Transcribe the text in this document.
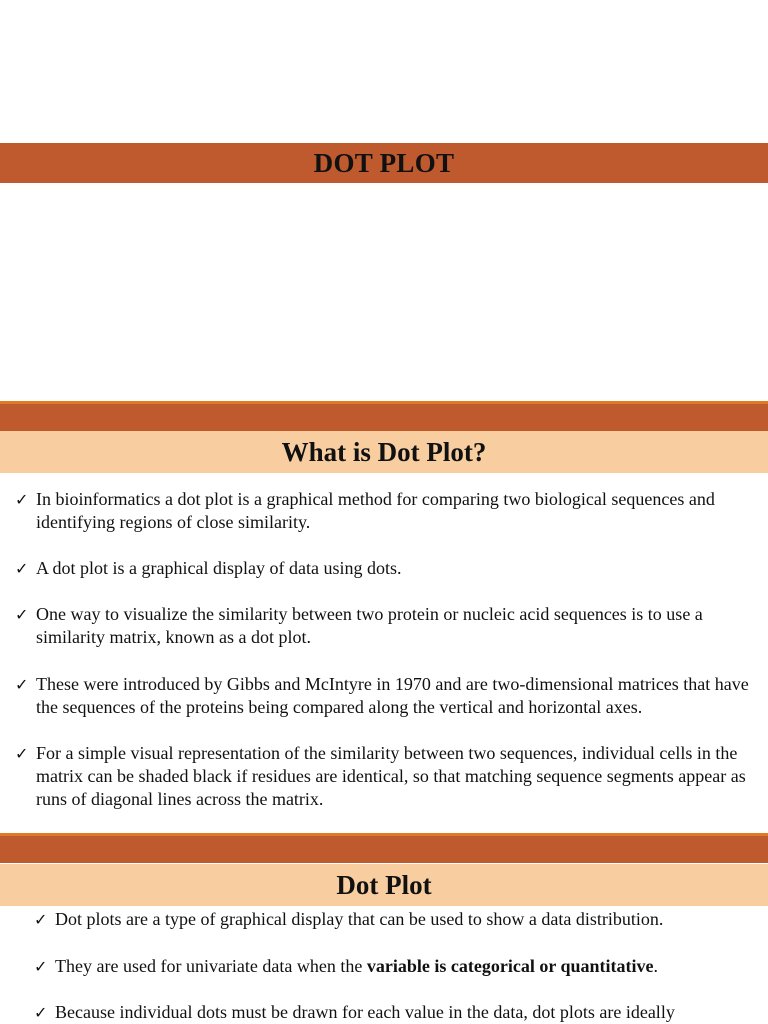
DOT PLOT
What is Dot Plot?
✓ In bioinformatics a dot plot is a graphical method for comparing two biological sequences and identifying regions of close similarity.
✓ A dot plot is a graphical display of data using dots.
✓ One way to visualize the similarity between two protein or nucleic acid sequences is to use a similarity matrix, known as a dot plot.
✓ These were introduced by Gibbs and McIntyre in 1970 and are two-dimensional matrices that have the sequences of the proteins being compared along the vertical and horizontal axes.
✓ For a simple visual representation of the similarity between two sequences, individual cells in the matrix can be shaded black if residues are identical, so that matching sequence segments appear as runs of diagonal lines across the matrix.
Dot Plot
✓ Dot plots are a type of graphical display that can be used to show a data distribution.
✓ They are used for univariate data when the variable is categorical or quantitative.
✓ Because individual dots must be drawn for each value in the data, dot plots are ideally
